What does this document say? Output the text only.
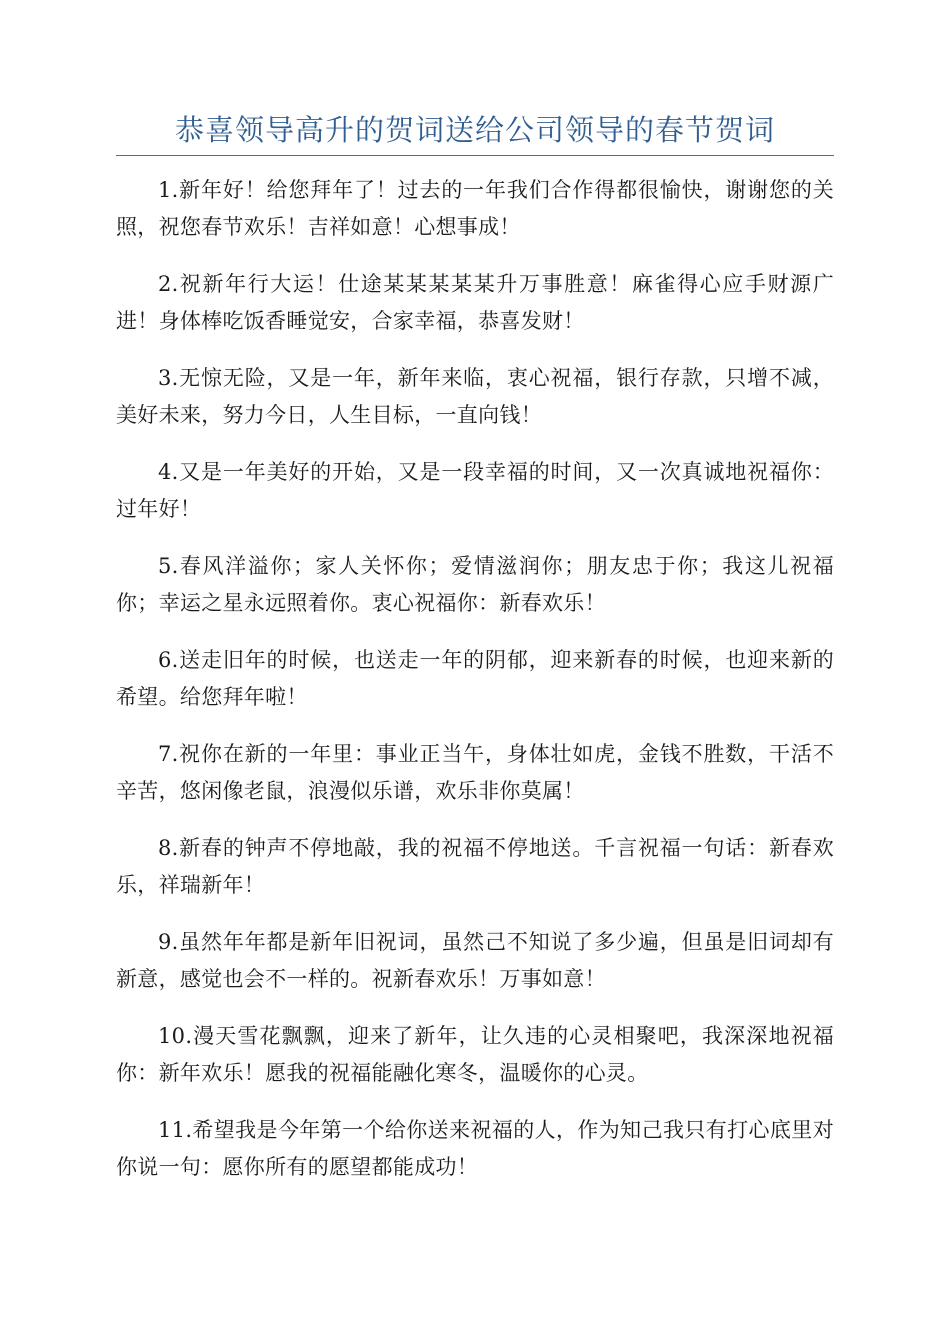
恭喜领导高升的贺词送给公司领导的春节贺词

1.新年好！给您拜年了！过去的一年我们合作得都很愉快，谢谢您的关照，祝您春节欢乐！吉祥如意！心想事成！

2.祝新年行大运！仕途某某某某某升万事胜意！麻雀得心应手财源广进！身体棒吃饭香睡觉安，合家幸福，恭喜发财！

3.无惊无险，又是一年，新年来临，衷心祝福，银行存款，只增不减，美好未来，努力今日，人生目标，一直向钱！

4.又是一年美好的开始，又是一段幸福的时间，又一次真诚地祝福你：过年好！

5.春风洋溢你；家人关怀你；爱情滋润你；朋友忠于你；我这儿祝福你；幸运之星永远照着你。衷心祝福你：新春欢乐！

6.送走旧年的时候，也送走一年的阴郁，迎来新春的时候，也迎来新的希望。给您拜年啦！

7.祝你在新的一年里：事业正当午，身体壮如虎，金钱不胜数，干活不辛苦，悠闲像老鼠，浪漫似乐谱，欢乐非你莫属！

8.新春的钟声不停地敲，我的祝福不停地送。千言祝福一句话：新春欢乐，祥瑞新年！

9.虽然年年都是新年旧祝词，虽然己不知说了多少遍，但虽是旧词却有新意，感觉也会不一样的。祝新春欢乐！万事如意！

10.漫天雪花飘飘，迎来了新年，让久违的心灵相聚吧，我深深地祝福你：新年欢乐！愿我的祝福能融化寒冬，温暖你的心灵。

11.希望我是今年第一个给你送来祝福的人，作为知己我只有打心底里对你说一句：愿你所有的愿望都能成功！
